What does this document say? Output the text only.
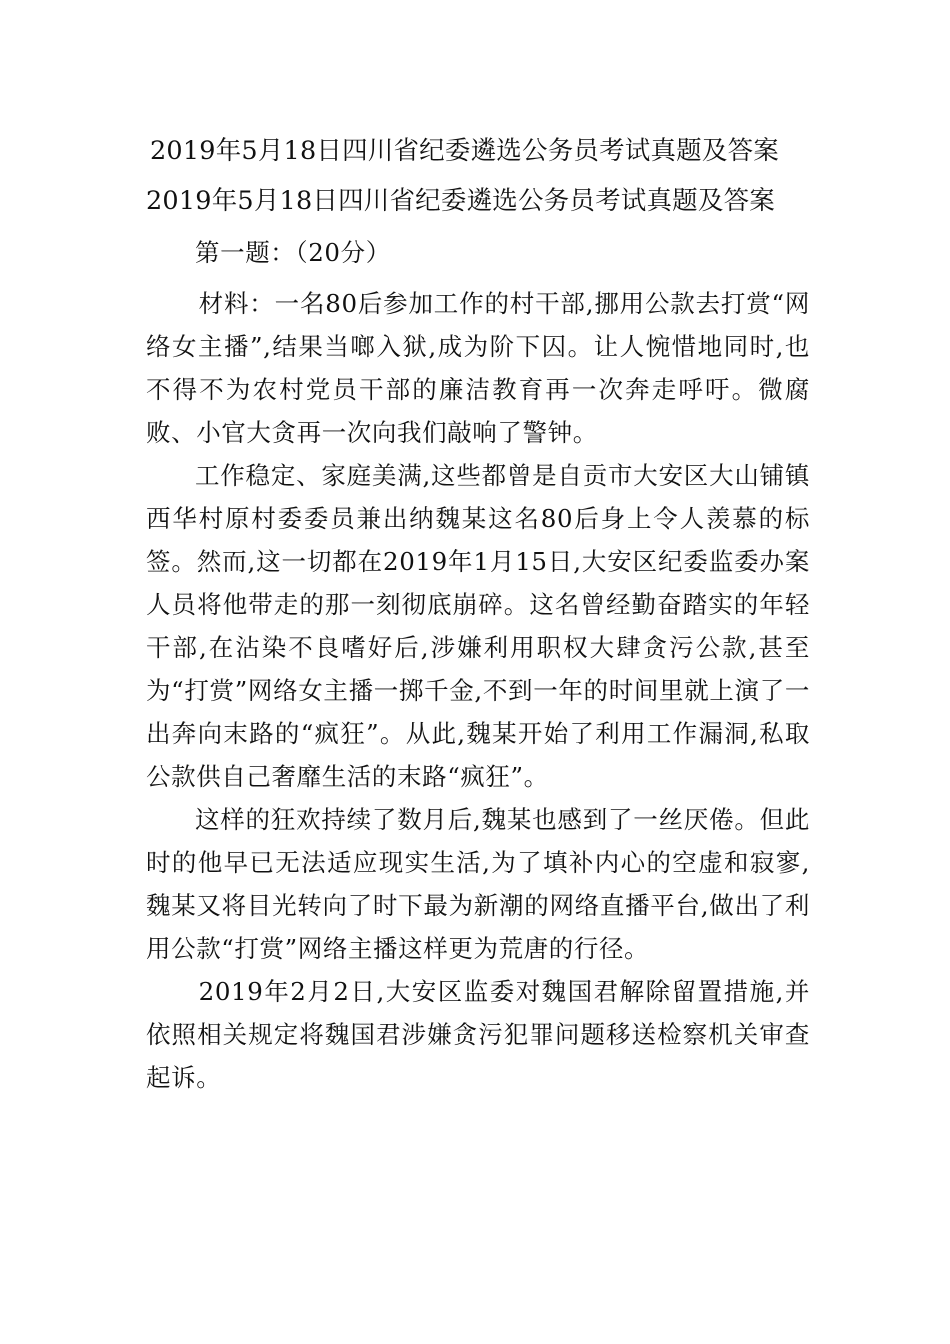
2019年5月18日四川省纪委遴选公务员考试真题及答案
2019年5月18日四川省纪委遴选公务员考试真题及答案

第一题：（20分）

材料：一名80后参加工作的村干部,挪用公款去打赏“网络女主播”,结果当啷入狱,成为阶下囚。让人惋惜地同时,也不得不为农村党员干部的廉洁教育再一次奔走呼吁。微腐败、小官大贪再一次向我们敲响了警钟。

工作稳定、家庭美满,这些都曾是自贡市大安区大山铺镇西华村原村委委员兼出纳魏某这名80后身上令人羡慕的标签。然而,这一切都在2019年1月15日,大安区纪委监委办案人员将他带走的那一刻彻底崩碎。这名曾经勤奋踏实的年轻干部,在沾染不良嗜好后,涉嫌利用职权大肆贪污公款,甚至为“打赏”网络女主播一掷千金,不到一年的时间里就上演了一出奔向末路的“疯狂”。从此,魏某开始了利用工作漏洞,私取公款供自己奢靡生活的末路“疯狂”。

这样的狂欢持续了数月后,魏某也感到了一丝厌倦。但此时的他早已无法适应现实生活,为了填补内心的空虚和寂寥,魏某又将目光转向了时下最为新潮的网络直播平台,做出了利用公款“打赏”网络主播这样更为荒唐的行径。

2019年2月2日,大安区监委对魏国君解除留置措施,并依照相关规定将魏国君涉嫌贪污犯罪问题移送检察机关审查起诉。
